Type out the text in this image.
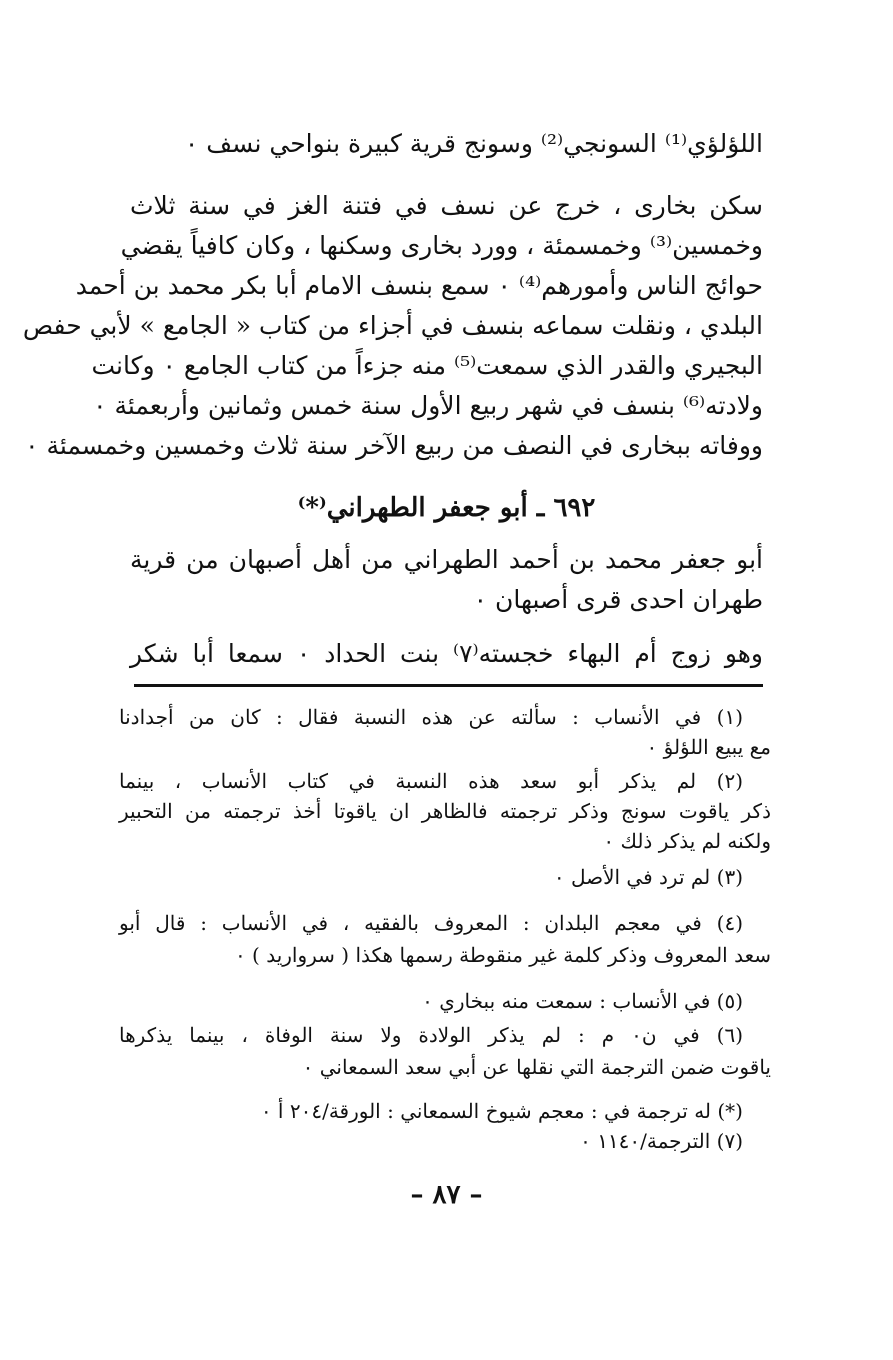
اللؤلؤي⁽¹⁾ السونجي⁽²⁾ وسونج قرية كبيرة بنواحي نسف ٠
سكن بخارى ، خرج عن نسف في فتنة الغز في سنة ثلاث
وخمسين⁽³⁾ وخمسمئة ، وورد بخارى وسكنها ، وكان كافياً يقضي
حوائج الناس وأمورهم⁽⁴⁾ ٠ سمع بنسف الامام أبا بكر محمد بن أحمد
البلدي ، ونقلت سماعه بنسف في أجزاء من كتاب « الجامع » لأبي حفص
البجيري والقدر الذي سمعت⁽⁵⁾ منه جزءاً من كتاب الجامع ٠ وكانت
ولادته⁽⁶⁾ بنسف في شهر ربيع الأول سنة خمس وثمانين وأربعمئة ٠
ووفاته ببخارى في النصف من ربيع الآخر سنة ثلاث وخمسين وخمسمئة ٠
٦٩٢ ـ أبو جعفر الطهراني⁽*⁾
أبو جعفر محمد بن أحمد الطهراني من أهل أصبهان من قرية
طهران احدى قرى أصبهان ٠
وهو زوج أم البهاء خجسته⁽٧⁾ بنت الحداد ٠ سمعا أبا شكر
(١) في الأنساب : سألته عن هذه النسبة فقال : كان من أجدادنا
مع يبيع اللؤلؤ ٠
(٢) لم يذكر أبو سعد هذه النسبة في كتاب الأنساب ، بينما
ذكر ياقوت سونج وذكر ترجمته فالظاهر ان ياقوتا أخذ ترجمته من التحبير
ولكنه لم يذكر ذلك ٠
(٣) لم ترد في الأصل ٠
(٤) في معجم البلدان : المعروف بالفقيه ، في الأنساب : قال أبو
سعد المعروف وذكر كلمة غير منقوطة رسمها هكذا ( سرواريد ) ٠
(٥) في الأنساب : سمعت منه ببخاري ٠
(٦) في ن٠ م : لم يذكر الولادة ولا سنة الوفاة ، بينما يذكرها
ياقوت ضمن الترجمة التي نقلها عن أبي سعد السمعاني ٠
(*) له ترجمة في : معجم شيوخ السمعاني : الورقة/٢٠٤ أ ٠
(٧) الترجمة/١١٤٠ ٠
– ٨٧ –
